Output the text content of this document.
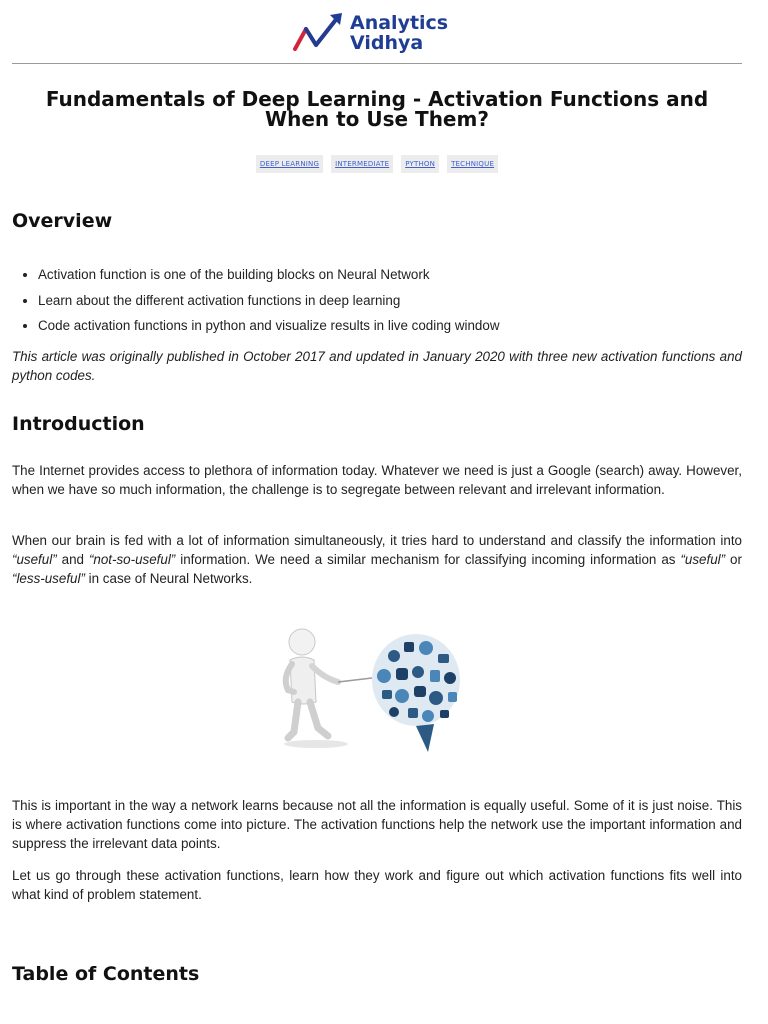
Analytics
Vidhya
Fundamentals of Deep Learning - Activation Functions and When to Use Them?
DEEP LEARNING	INTERMEDIATE	PYTHON	TECHNIQUE
Overview
• Activation function is one of the building blocks on Neural Network
• Learn about the different activation functions in deep learning
• Code activation functions in python and visualize results in live coding window

This article was originally published in October 2017 and updated in January 2020 with three new activation functions and python codes.

Introduction

The Internet provides access to plethora of information today. Whatever we need is just a Google (search) away. However, when we have so much information, the challenge is to segregate between relevant and irrelevant information.

When our brain is fed with a lot of information simultaneously, it tries hard to understand and classify the information into “useful” and “not-so-useful” information. We need a similar mechanism for classifying incoming information as “useful” or “less-useful” in case of Neural Networks.

This is important in the way a network learns because not all the information is equally useful. Some of it is just noise. This is where activation functions come into picture. The activation functions help the network use the important information and suppress the irrelevant data points.

Let us go through these activation functions, learn how they work and figure out which activation functions fits well into what kind of problem statement.

Table of Contents
